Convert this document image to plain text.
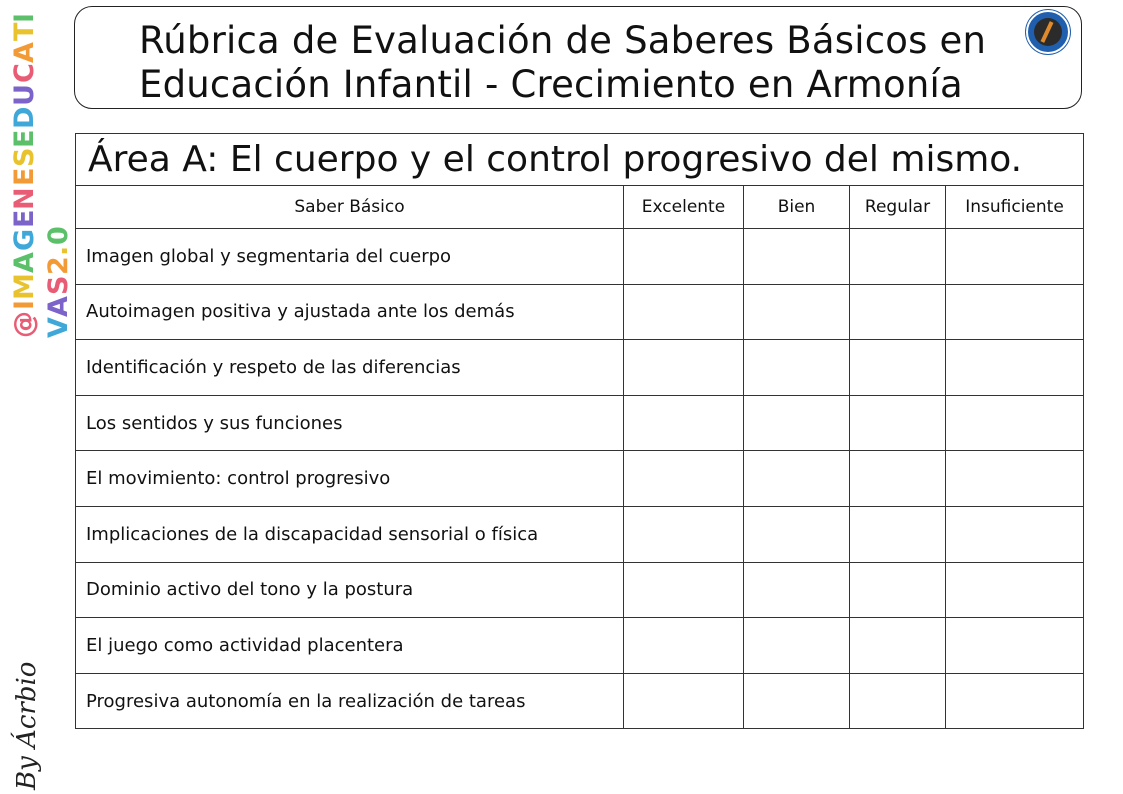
@IMAGENESEDUCATIVAS2.0
By Ácrbio
Rúbrica de Evaluación de Saberes Básicos en
Educación Infantil - Crecimiento en Armonía
Área A: El cuerpo y el control progresivo del mismo.				
Saber Básico	Excelente	Bien	Regular	Insuficiente
Imagen global y segmentaria del cuerpo				
Autoimagen positiva y ajustada ante los demás				
Identificación y respeto de las diferencias				
Los sentidos y sus funciones				
El movimiento: control progresivo				
Implicaciones de la discapacidad sensorial o física				
Dominio activo del tono y la postura				
El juego como actividad placentera				
Progresiva autonomía en la realización de tareas				
